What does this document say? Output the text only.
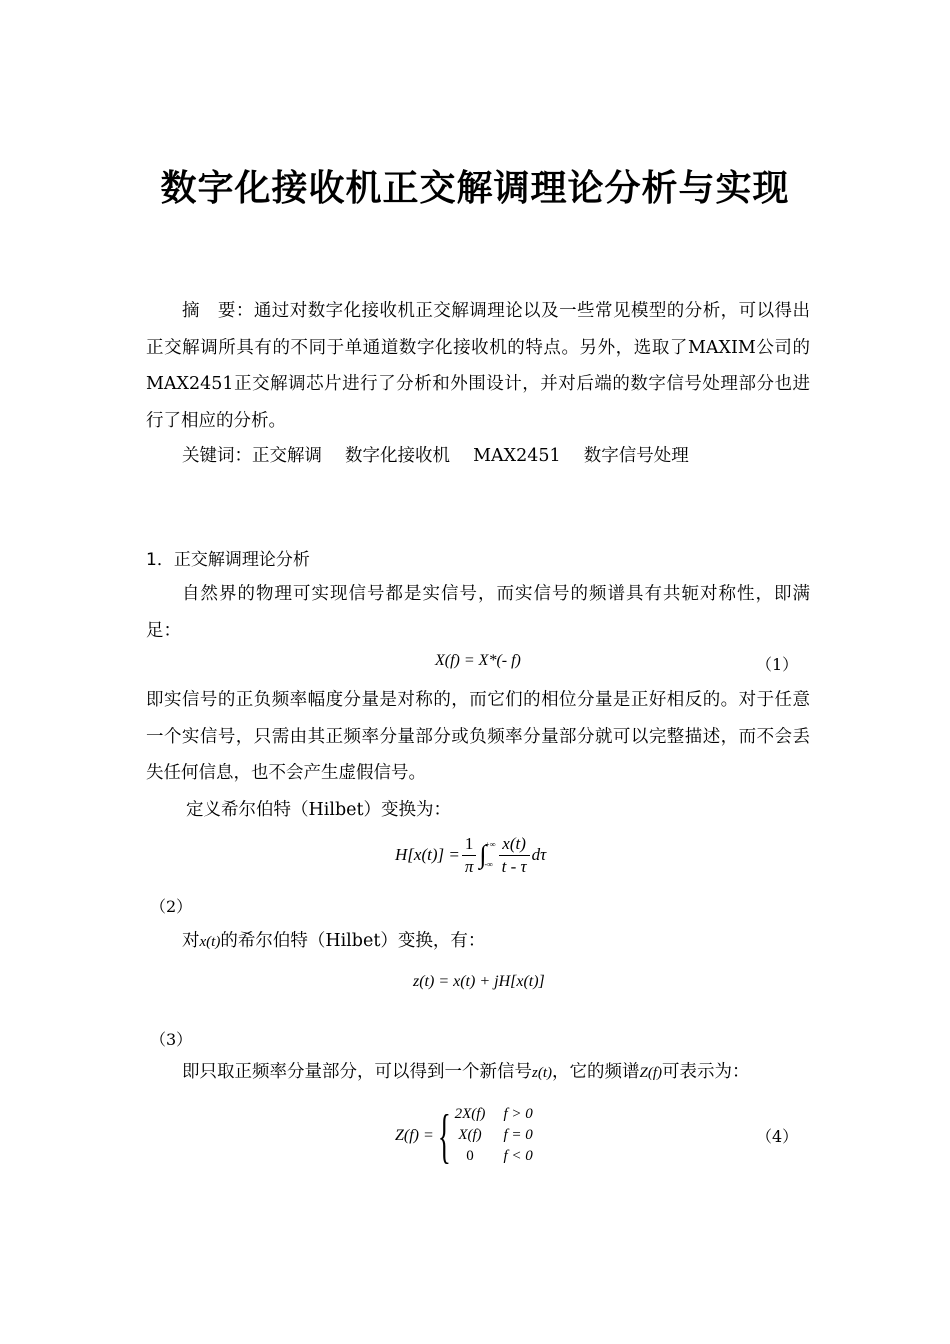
数字化接收机正交解调理论分析与实现
摘　要：通过对数字化接收机正交解调理论以及一些常见模型的分析，可以得出正交解调所具有的不同于单通道数字化接收机的特点。另外，选取了MAXIM公司的MAX2451正交解调芯片进行了分析和外围设计，并对后端的数字信号处理部分也进行了相应的分析。
关键词：正交解调　 数字化接收机　 MAX2451　 数字信号处理
1．正交解调理论分析
自然界的物理可实现信号都是实信号，而实信号的频谱具有共轭对称性，即满足：
X(f) = X*(- f)	（1）
即实信号的正负频率幅度分量是对称的，而它们的相位分量是正好相反的。对于任意一个实信号，只需由其正频率分量部分或负频率分量部分就可以完整描述，而不会丢失任何信息，也不会产生虚假信号。
定义希尔伯特（Hilbet）变换为：
$H[x(t)] = \frac{1}{\pi}$ ∫
+∞
-∞ $\frac{x(t)}{t - \tau}$ dτ
（2）
对x(t)的希尔伯特（Hilbet）变换，有：
z(t) = x(t) + jH[x(t)]
（3）
即只取正频率分量部分，可以得到一个新信号z(t)，它的频谱Z(f)可表示为：
Z(f) = { 2X(f)	f > 0
X(f)	f = 0
0	f < 0
（4）
